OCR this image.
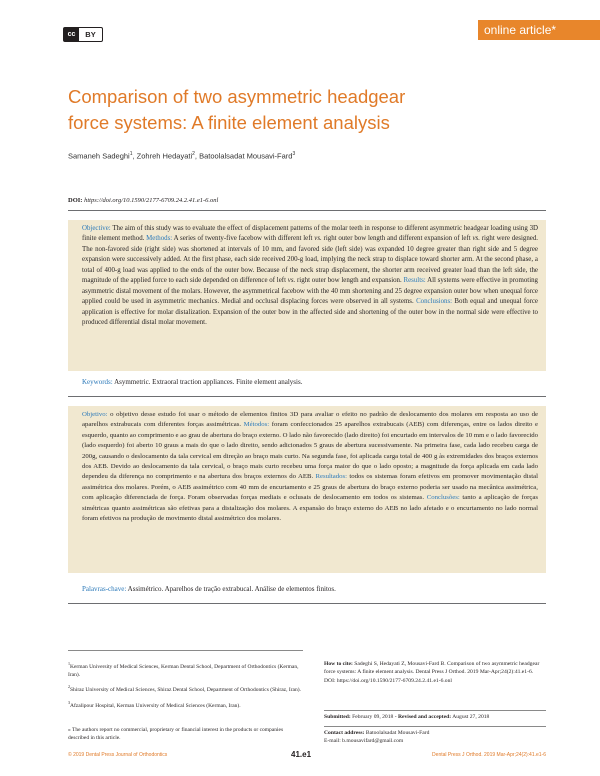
cc	BY	online article*
Comparison of two asymmetric headgear
force systems: A finite element analysis
Samaneh Sadeghi$^1$, Zohreh Hedayati$^2$, Batoolalsadat Mousavi-Fard$^3$
DOI: https://doi.org/10.1590/2177-6709.24.2.41.e1-6.onl

Objective: The aim of this study was to evaluate the effect of displacement patterns of the molar teeth in response to different asymmetric headgear loading using 3D finite element method. Methods: A series of twenty-five facebow with different left vs. right outer bow length and different expansion of left vs. right were designed. The non-favored side (right side) was shortened at intervals of 10 mm, and favored side (left side) was expanded 10 degree greater than right side and 5 degree expansion were successively added. At the first phase, each side received 200-g load, implying the neck strap to displace toward shorter arm. At the second phase, a total of 400-g load was applied to the ends of the outer bow. Because of the neck strap displacement, the shorter arm received greater load than the left side, the magnitude of the applied force to each side depended on difference of left vs. right outer bow length and expansion. Results: All systems were effective in promoting asymmetric distal movement of the molars. However, the asymmetrical facebow with the 40 mm shortening and 25 degree expansion outer bow when unequal force applied could be used in asymmetric mechanics. Medial and occlusal displacing forces were observed in all systems. Conclusions: Both equal and unequal force application is effective for molar distalization. Expansion of the outer bow in the affected side and shortening of the outer bow in the normal side were effective to produced differential distal molar movement.

Keywords: Asymmetric. Extraoral traction appliances. Finite element analysis.

Objetivo: o objetivo desse estudo foi usar o método de elementos finitos 3D para avaliar o efeito no padrão de deslocamento dos molares em resposta ao uso de aparelhos extrabucais com diferentes forças assimétricas. Métodos: foram confeccionados 25 aparelhos extrabucais (AEB) com diferenças, entre os lados direito e esquerdo, quanto ao comprimento e ao grau de abertura do braço externo. O lado não favorecido (lado direito) foi encurtado em intervalos de 10 mm e o lado favorecido (lado esquerdo) foi aberto 10 graus a mais do que o lado direito, sendo adicionados 5 graus de abertura sucessivamente. Na primeira fase, cada lado recebeu carga de 200g, causando o deslocamento da tala cervical em direção ao braço mais curto. Na segunda fase, foi aplicada carga total de 400 g às extremidades dos braços externos dos AEB. Devido ao deslocamento da tala cervical, o braço mais curto recebeu uma força maior do que o lado oposto; a magnitude da força aplicada em cada lado dependeu da diferença no comprimento e na abertura dos braços externos do AEB. Resultados: todos os sistemas foram efetivos em promover movimentação distal assimétrica dos molares. Porém, o AEB assimétrico com 40 mm de encurtamento e 25 graus de abertura do braço externo poderia ser usado na mecânica assimétrica, com aplicação diferenciada de força. Foram observadas forças mediais e oclusais de deslocamento em todos os sistemas. Conclusões: tanto a aplicação de forças simétricas quanto assimétricas são efetivas para a distalização dos molares. A expansão do braço externo do AEB no lado afetado e o encurtamento no lado normal foram efetivos na produção de movimento distal assimétrico dos molares.

Palavras-chave: Assimétrico. Aparelhos de tração extrabucal. Análise de elementos finitos.

$^1$Kerman University of Medical Sciences, Kerman Dental School, Department of Orthodontics (Kerman, Iran).

$^2$Shiraz University of Medical Sciences, Shiraz Dental School, Department of Orthodontics (Shiraz, Iran).

$^3$Afzalipour Hospital, Kerman University of Medical Sciences (Kerman, Iran).

» The authors report no commercial, proprietary or financial interest in the products or companies described in this article.

How to cite: Sadeghi S, Hedayati Z, Mousavi-Fard B. Comparison of two asymmetric headgear force systems: A finite element analysis. Dental Press J Orthod. 2019 Mar-Apr;24(2):41.e1-6.

DOI: https://doi.org/10.1590/2177-6709.24.2.41.e1-6.onl

Submitted: February 09, 2018 - Revised and accepted: August 27, 2018

Contact address: Batoolalsadat Mousavi-Fard

E-mail: b.mousavifard@gmail.com

© 2019 Dental Press Journal of Orthodontics	41.e1	Dental Press J Orthod. 2019 Mar-Apr;24(2):41.e1-6
